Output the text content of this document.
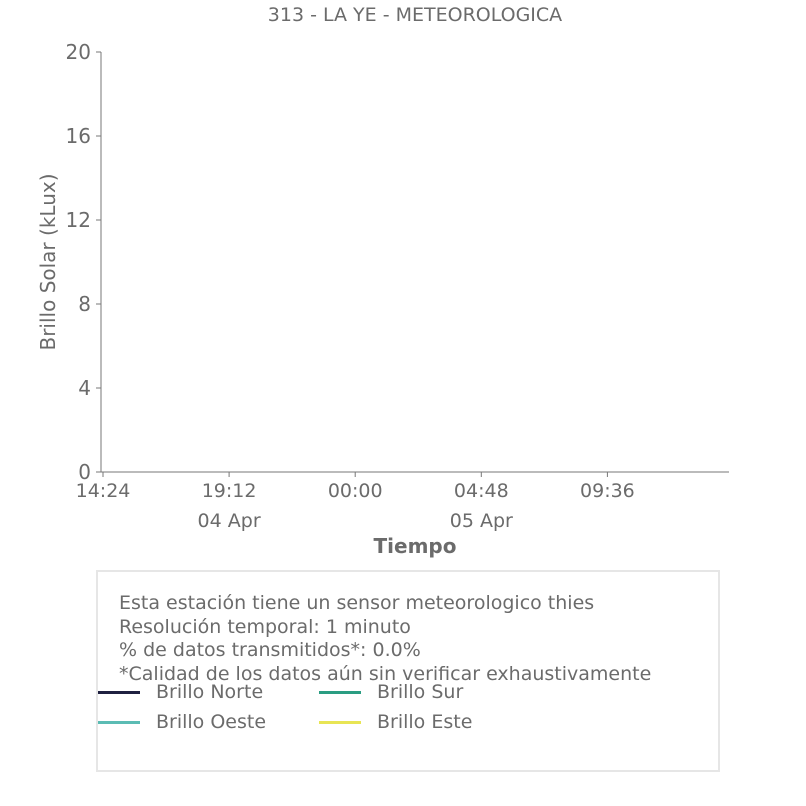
313 - LA YE - METEOROLOGICA
0
4
8
12
16
20
14:24	19:12
04 Apr
00:00	04:48
05 Apr
09:36
Brillo Solar (kLux)
Tiempo
Esta estación tiene un sensor meteorologico thies
Resolución temporal: 1 minuto
% de datos transmitidos*: 0.0%
*Calidad de los datos aún sin verificar exhaustivamente
Brillo Norte	Brillo Sur
Brillo Oeste	Brillo Este
